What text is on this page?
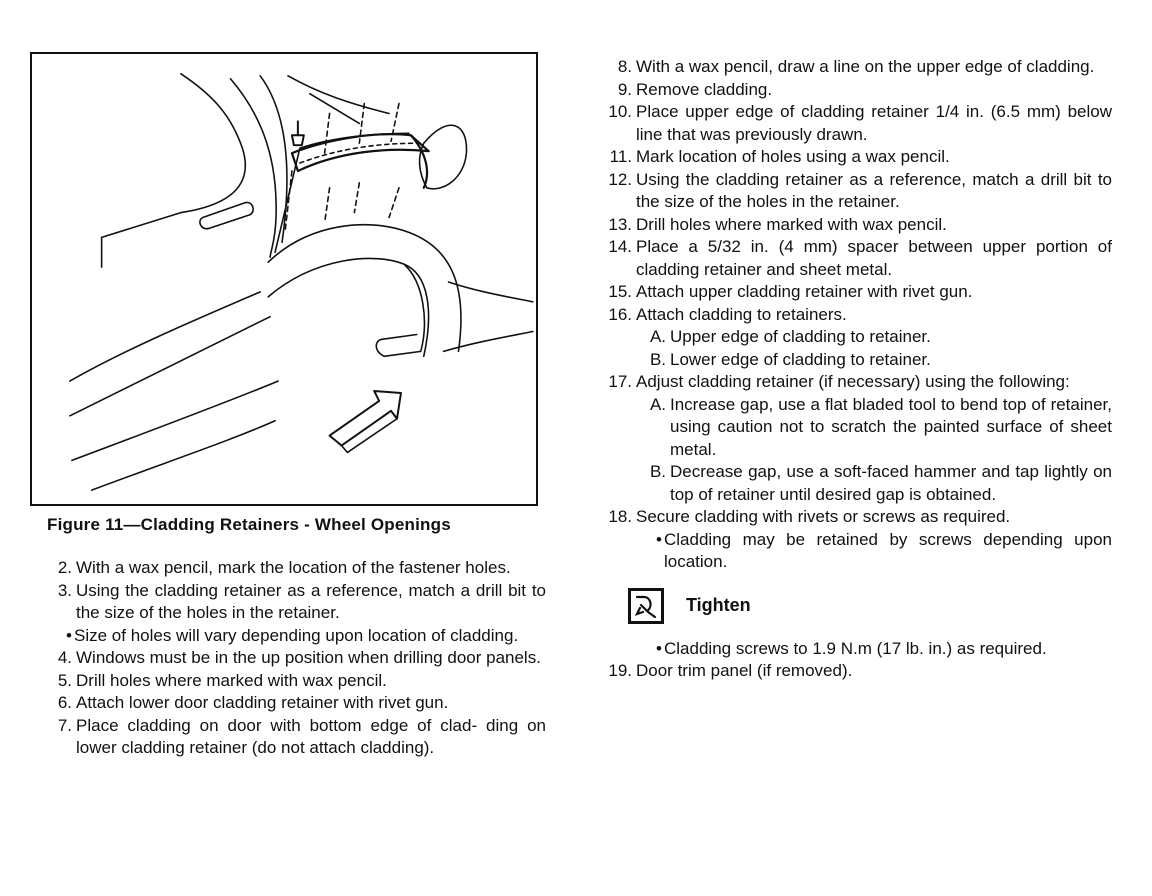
Figure 11—Cladding Retainers - Wheel Openings
2. With a wax pencil, mark the location of the fastener holes.
3. Using the cladding retainer as a reference, match a drill bit to the size of the holes in the retainer.
• Size of holes will vary depending upon location of cladding.
4. Windows must be in the up position when drilling door panels.
5. Drill holes where marked with wax pencil.
6. Attach lower door cladding retainer with rivet gun.
7. Place cladding on door with bottom edge of clad- ding on lower cladding retainer (do not attach cladding).
8. With a wax pencil, draw a line on the upper edge of cladding.
9. Remove cladding.
10. Place upper edge of cladding retainer 1/4 in. (6.5 mm) below line that was previously drawn.
11. Mark location of holes using a wax pencil.
12. Using the cladding retainer as a reference, match a drill bit to the size of the holes in the retainer.
13. Drill holes where marked with wax pencil.
14. Place a 5/32 in. (4 mm) spacer between upper portion of cladding retainer and sheet metal.
15. Attach upper cladding retainer with rivet gun.
16. Attach cladding to retainers.
A. Upper edge of cladding to retainer.
B. Lower edge of cladding to retainer.
17. Adjust cladding retainer (if necessary) using the following:
A. Increase gap, use a flat bladed tool to bend top of retainer, using caution not to scratch the painted surface of sheet metal.
B. Decrease gap, use a soft-faced hammer and tap lightly on top of retainer until desired gap is obtained.
18. Secure cladding with rivets or screws as required.
• Cladding may be retained by screws depending upon location.
Tighten
• Cladding screws to 1.9 N.m (17 lb. in.) as required.
19. Door trim panel (if removed).
